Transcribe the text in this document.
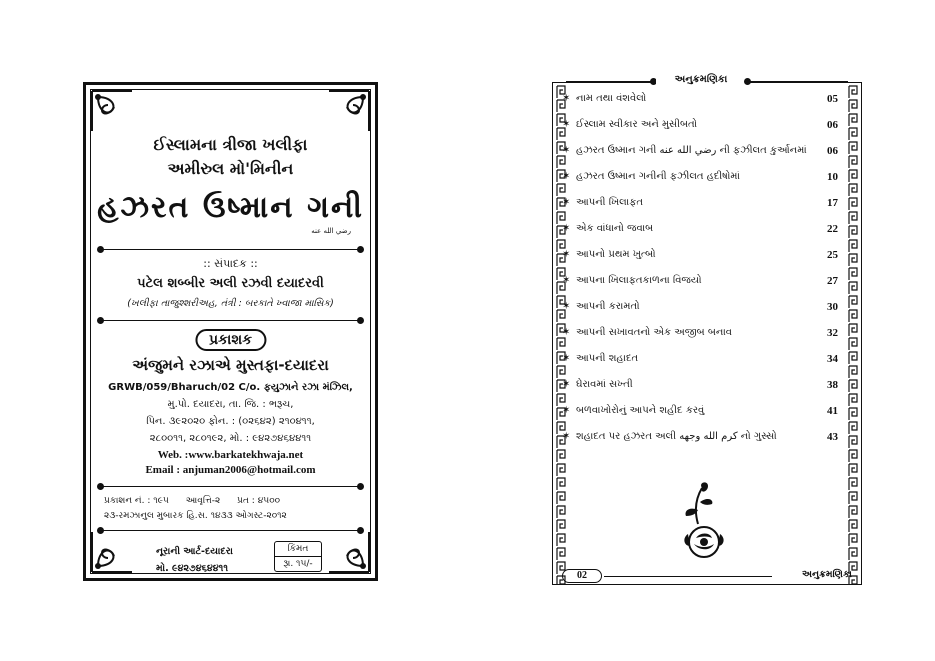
ઈસ્લામના ત્રીજા ખલીફા
અમીરુલ મો'મિનીન
હઝરત ઉષ્માન ગની
رضي الله عنه
:: સંપાદક ::
પટેલ શબ્બીર અલી રઝવી દયાદરવી
(ખલીફા તાજુશ્શરીઅહ, તંત્રી : બરકાતે ખ્વાજા માસિક)
પ્રકાશક
અંજુમને રઝાએ મુસ્તફા-દયાદરા
GRWB/059/Bharuch/02 C/o. ફયુઝાને રઝા મંઝિલ,
મુ.પો. દયાદરા, તા. જિ. : ભરૂચ,
પિન. ૩૯૨૦૨૦ ફોન. : (૦૨૬૪૨) ૨૧૦૪૧૧,
૨૮૦૦૧૧, ૨૮૦૧૯૨, મો. : ૯૪૨૭૪૬૪૪૧૧
Web. :www.barkatekhwaja.net
Email : anjuman2006@hotmail.com
પ્રકાશન નં. : ૧૯૫ આવૃત્તિ-૨ પ્રત : ૪૫૦૦
૨૩-રમઝાનુલ મુબારક હિ.સ. ૧૪૩૩ ઓગસ્ટ-૨૦૧૨
નૂરાની આર્ટ-દયાદરા
મો. ૯૪૨૭૪૬૪૪૧૧
કિંમત
રૂા. ૧૫/-
અનુક્રમણિકા
✶ નામ તથા વંશવેલો	05
✶ ઈસ્લામ સ્વીકાર અને મુસીબતો	06
✶ હઝરત ઉષ્માન ગની رضي الله عنه ની ફઝીલત કુર્આનમાં 06
✶ હઝરત ઉષ્માન ગનીની ફઝીલત હદીષોમાં	10
✶ આપની ખિલાફત	17
✶ એક વાંધાનો જવાબ	22
✶ આપનો પ્રથમ ખુત્બો	25
✶ આપના ખિલાફતકાળના વિજયો	27
✶ આપની કરામતો	30
✶ આપની સખાવતનો એક અજીબ બનાવ	32
✶ આપની શહાદત	34
✶ ઘેરાવમાં સખ્તી	38
✶ બળવાખોરોનું આપને શહીદ કરવું	41
✶ શહાદત પર હઝરત અલી كرم الله وجهه નો ગુસ્સો	43
02	અનુક્રમણિકા
